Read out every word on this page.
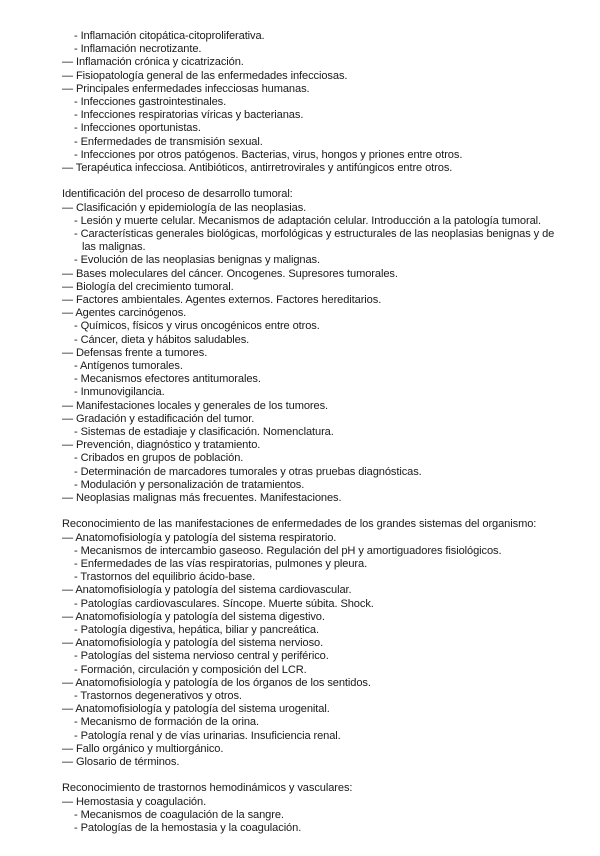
- Inflamación citopática-citoproliferativa.
- Inflamación necrotizante.
— Inflamación crónica y cicatrización.
— Fisiopatología general de las enfermedades infecciosas.
— Principales enfermedades infecciosas humanas.
- Infecciones gastrointestinales.
- Infecciones respiratorias víricas y bacterianas.
- Infecciones oportunistas.
- Enfermedades de transmisión sexual.
- Infecciones por otros patógenos. Bacterias, virus, hongos y priones entre otros.
— Terapéutica infecciosa. Antibióticos, antirretrovirales y antifúngicos entre otros.
Identificación del proceso de desarrollo tumoral:
— Clasificación y epidemiología de las neoplasias.
- Lesión y muerte celular. Mecanismos de adaptación celular. Introducción a la patología tumoral.
- Características generales biológicas, morfológicas y estructurales de las neoplasias benignas y de
las malignas.
- Evolución de las neoplasias benignas y malignas.
— Bases moleculares del cáncer. Oncogenes. Supresores tumorales.
— Biología del crecimiento tumoral.
— Factores ambientales. Agentes externos. Factores hereditarios.
— Agentes carcinógenos.
- Químicos, físicos y virus oncogénicos entre otros.
- Cáncer, dieta y hábitos saludables.
— Defensas frente a tumores.
- Antígenos tumorales.
- Mecanismos efectores antitumorales.
- Inmunovigilancia.
— Manifestaciones locales y generales de los tumores.
— Gradación y estadificación del tumor.
- Sistemas de estadiaje y clasificación. Nomenclatura.
— Prevención, diagnóstico y tratamiento.
- Cribados en grupos de población.
- Determinación de marcadores tumorales y otras pruebas diagnósticas.
- Modulación y personalización de tratamientos.
— Neoplasias malignas más frecuentes. Manifestaciones.
Reconocimiento de las manifestaciones de enfermedades de los grandes sistemas del organismo:
— Anatomofisiología y patología del sistema respiratorio.
- Mecanismos de intercambio gaseoso. Regulación del pH y amortiguadores fisiológicos.
- Enfermedades de las vías respiratorias, pulmones y pleura.
- Trastornos del equilibrio ácido-base.
— Anatomofisiología y patología del sistema cardiovascular.
- Patologías cardiovasculares. Síncope. Muerte súbita. Shock.
— Anatomofisiología y patología del sistema digestivo.
- Patología digestiva, hepática, biliar y pancreática.
— Anatomofisiología y patología del sistema nervioso.
- Patologías del sistema nervioso central y periférico.
- Formación, circulación y composición del LCR.
— Anatomofisiología y patología de los órganos de los sentidos.
- Trastornos degenerativos y otros.
— Anatomofisiología y patología del sistema urogenital.
- Mecanismo de formación de la orina.
- Patología renal y de vías urinarias. Insuficiencia renal.
— Fallo orgánico y multiorgánico.
— Glosario de términos.
Reconocimiento de trastornos hemodinámicos y vasculares:
— Hemostasia y coagulación.
- Mecanismos de coagulación de la sangre.
- Patologías de la hemostasia y la coagulación.
